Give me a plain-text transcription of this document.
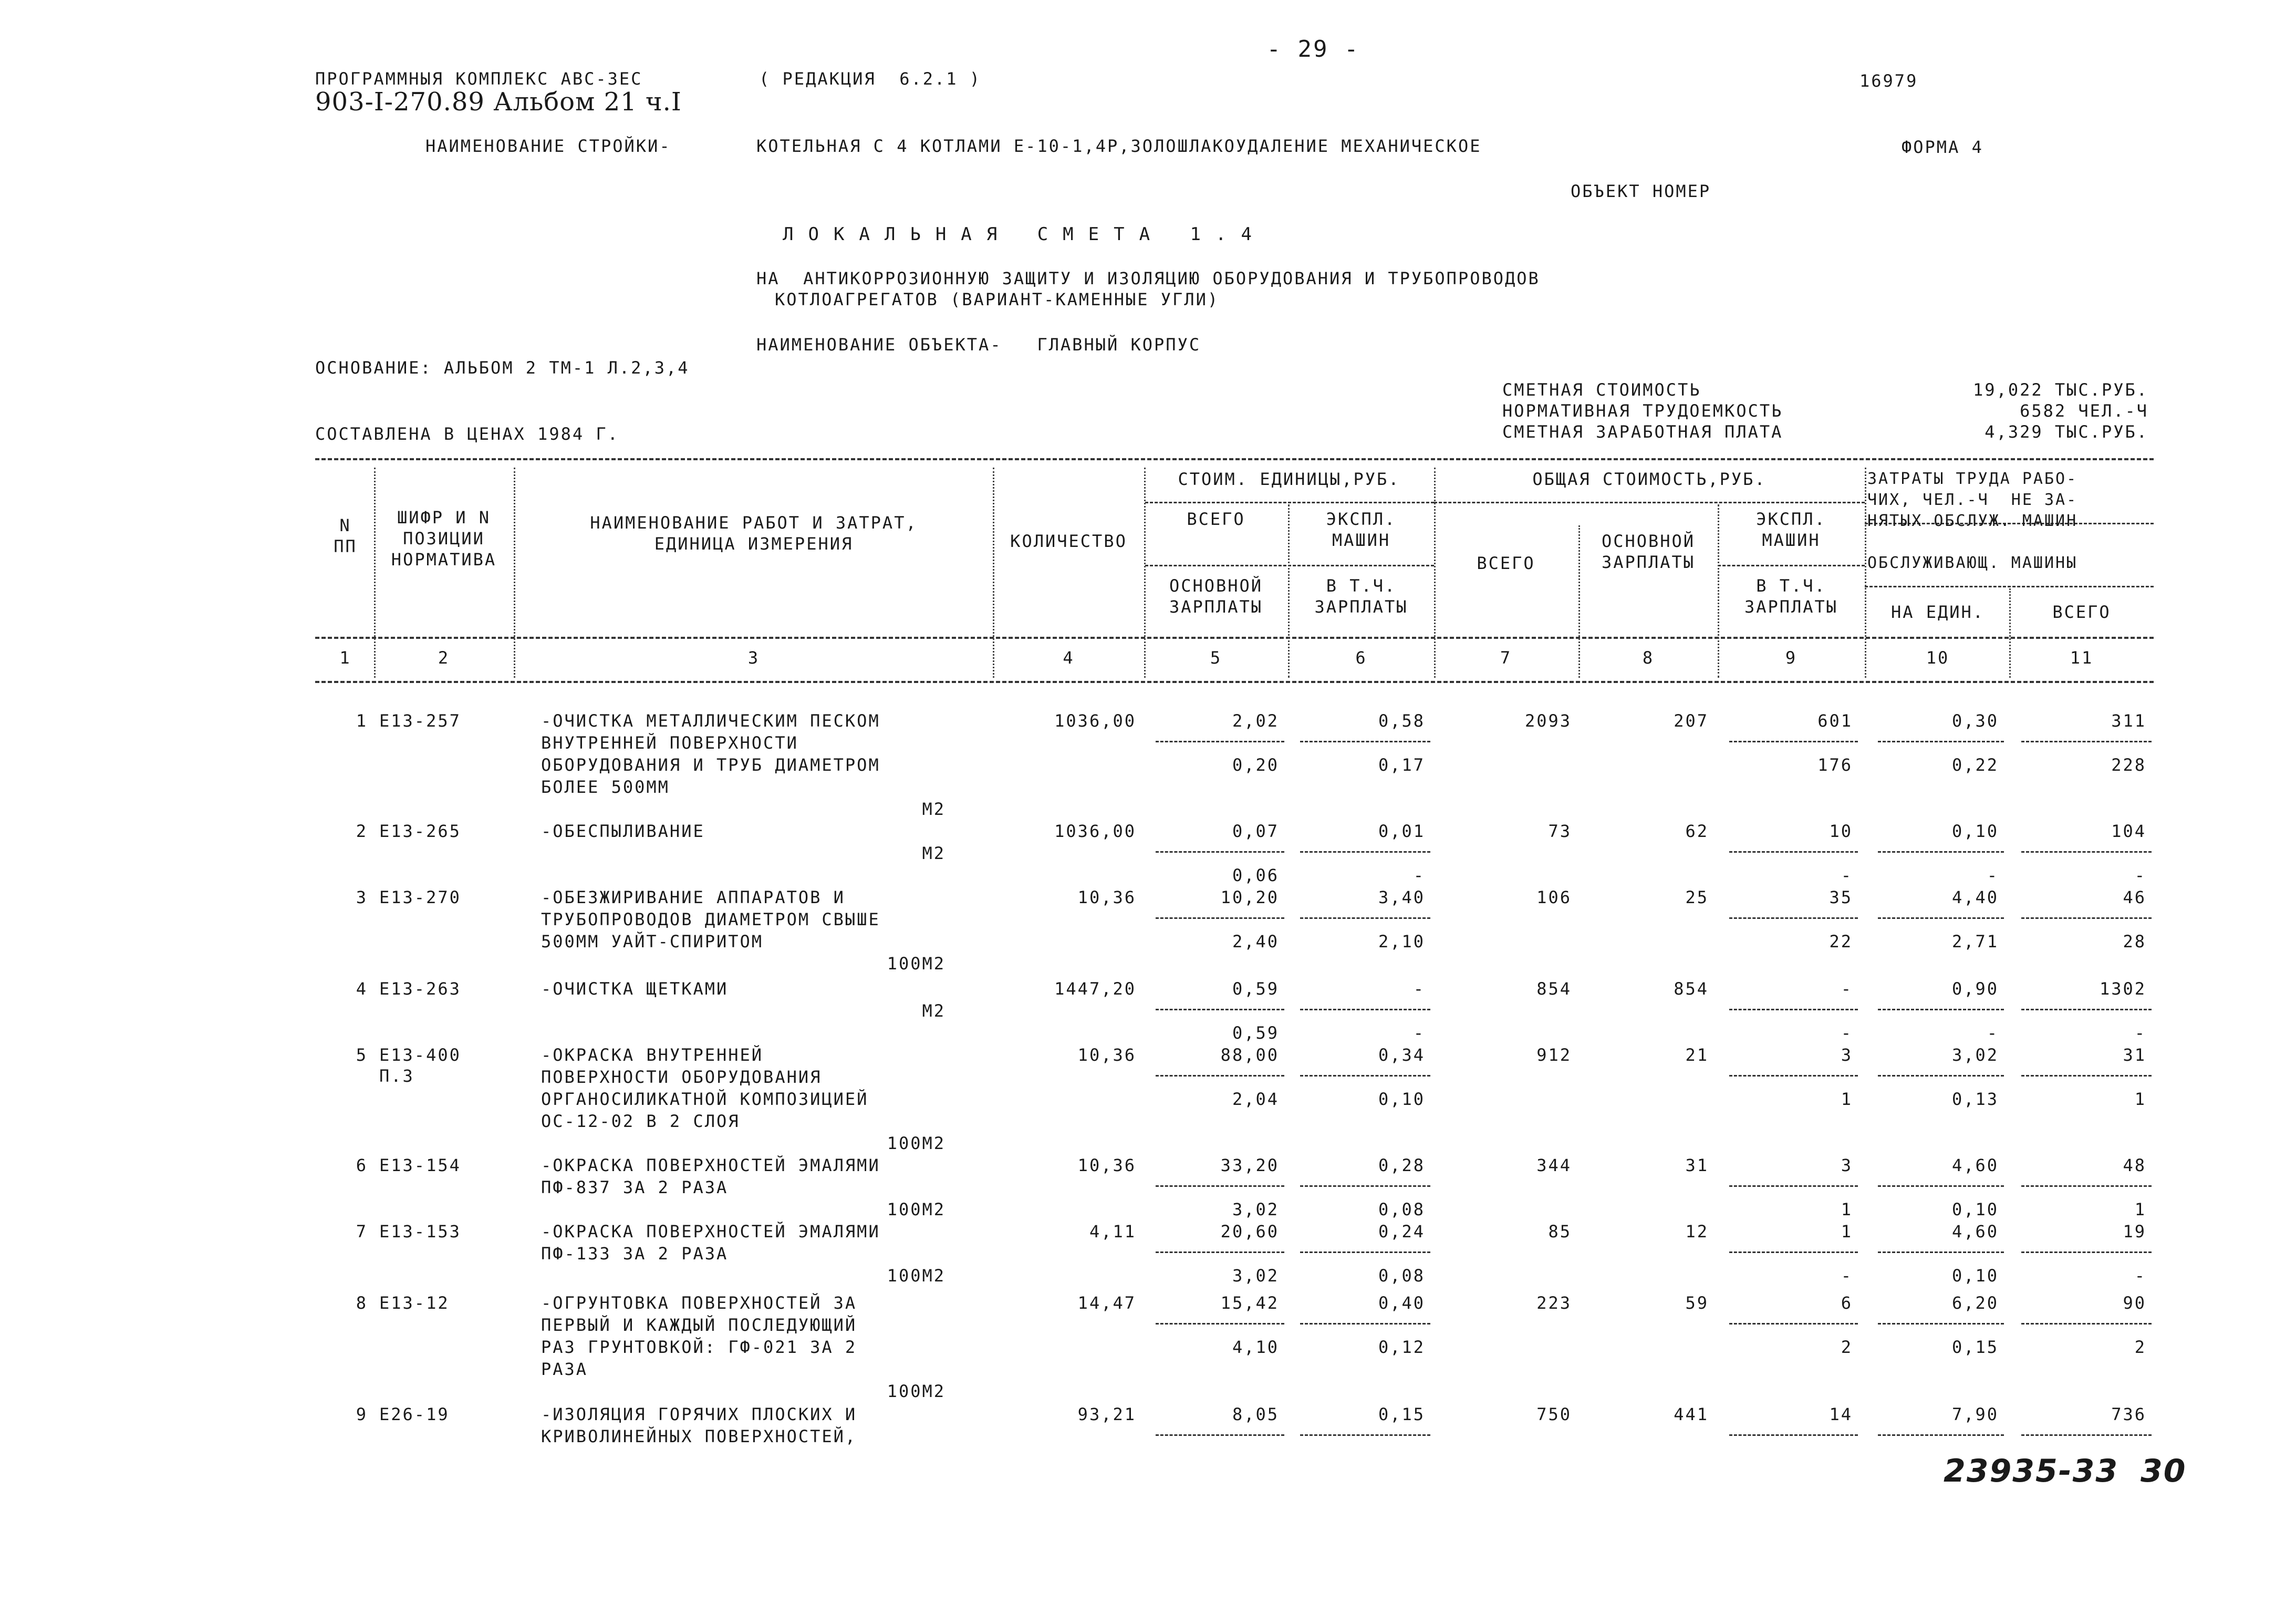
- 29 -
ПРОГРАММНЫЯ КОМПЛЕКС АВС-3ЕС	( РЕДАКЦИЯ  6.2.1 )	16979
903-I-270.89 Альбом 21 ч.I
НАИМЕНОВАНИЕ СТРОЙКИ-	КОТЕЛЬНАЯ С 4 КОТЛАМИ Е-10-1,4Р,ЗОЛОШЛАКОУДАЛЕНИЕ МЕХАНИЧЕСКОЕ	ФОРМА 4
ОБЪЕКТ НОМЕР
ЛОКАЛЬНАЯ СМЕТА 1.4
НА  АНТИКОРРОЗИОННУЮ ЗАЩИТУ И ИЗОЛЯЦИЮ ОБОРУДОВАНИЯ И ТРУБОПРОВОДОВ
КОТЛОАГРЕГАТОВ (ВАРИАНТ-КАМЕННЫЕ УГЛИ)
НАИМЕНОВАНИЕ ОБЪЕКТА-   ГЛАВНЫЙ КОРПУС
ОСНОВАНИЕ: АЛЬБОМ 2 ТМ-1 Л.2,3,4
СОСТАВЛЕНА В ЦЕНАХ 1984 Г.
СМЕТНАЯ СТОИМОСТЬ	19,022 ТЫС.РУБ.
НОРМАТИВНАЯ ТРУДОЕМКОСТЬ	6582 ЧЕЛ.-Ч
СМЕТНАЯ ЗАРАБОТНАЯ ПЛАТА	4,329 ТЫС.РУБ.
N
ПП
ШИФР И N
ПОЗИЦИИ
НОРМАТИВА
НАИМЕНОВАНИЕ РАБОТ И ЗАТРАТ,
ЕДИНИЦА ИЗМЕРЕНИЯ	КОЛИЧЕСТВО
СТОИМ. ЕДИНИЦЫ,РУБ.
ВСЕГО	ЭКСПЛ.
МАШИН
ОСНОВНОЙ
ЗАРПЛАТЫ
В Т.Ч.
ЗАРПЛАТЫ
ОБЩАЯ СТОИМОСТЬ,РУБ.
ВСЕГО
ОСНОВНОЙ
ЗАРПЛАТЫ
ЭКСПЛ.
МАШИН
В Т.Ч.
ЗАРПЛАТЫ
ЗАТРАТЫ ТРУДА РАБО-
ЧИХ, ЧЕЛ.-Ч  НЕ ЗА-
НЯТЫХ ОБСЛУЖ. МАШИН
ОБСЛУЖИВАЮЩ. МАШИНЫ
НА ЕДИН.	ВСЕГО
1	2	3	4	5	6	7	8	9	10	11
1 Е13-257	-ОЧИСТКА МЕТАЛЛИЧЕСКИМ ПЕСКОМ
ВНУТРЕННЕЙ ПОВЕРХНОСТИ
ОБОРУДОВАНИЯ И ТРУБ ДИАМЕТРОМ
БОЛЕЕ 500ММ
М2
1036,00	2,02	0,58	2093	207	601	0,30	311
0,20	0,17	176	0,22	228
2 Е13-265	-ОБЕСПЫЛИВАНИЕ
М2
1036,00	0,07	0,01	73	62	10	0,10	104
0,06	-	-	-	-
3 Е13-270	-ОБЕЗЖИРИВАНИЕ АППАРАТОВ И
ТРУБОПРОВОДОВ ДИАМЕТРОМ СВЫШЕ
500ММ УАЙТ-СПИРИТОМ
100М2
10,36	10,20	3,40	106	25	35	4,40	46
2,40	2,10	22	2,71	28
4 Е13-263	-ОЧИСТКА ЩЕТКАМИ
М2
1447,20	0,59	-	854	854	-	0,90	1302
0,59	-	-	-	-
5 Е13-400
П.3
-ОКРАСКА ВНУТРЕННЕЙ
ПОВЕРХНОСТИ ОБОРУДОВАНИЯ
ОРГАНОСИЛИКАТНОЙ КОМПОЗИЦИЕЙ
ОС-12-02 В 2 СЛОЯ
100М2
10,36	88,00	0,34	912	21	3	3,02	31
2,04	0,10	1	0,13	1
6 Е13-154	-ОКРАСКА ПОВЕРХНОСТЕЙ ЭМАЛЯМИ
ПФ-837 ЗА 2 РАЗА
100М2
10,36	33,20	0,28	344	31	3	4,60	48
3,02	0,08	1	0,10	1
7 Е13-153	-ОКРАСКА ПОВЕРХНОСТЕЙ ЭМАЛЯМИ
ПФ-133 ЗА 2 РАЗА
100М2
4,11	20,60	0,24	85	12	1	4,60	19
3,02	0,08	-	0,10	-
8 Е13-12	-ОГРУНТОВКА ПОВЕРХНОСТЕЙ ЗА
ПЕРВЫЙ И КАЖДЫЙ ПОСЛЕДУЮЩИЙ
РАЗ ГРУНТОВКОЙ: ГФ-021 ЗА 2
РАЗА
100М2
14,47	15,42	0,40	223	59	6	6,20	90
4,10	0,12	2	0,15	2
9 Е26-19	-ИЗОЛЯЦИЯ ГОРЯЧИХ ПЛОСКИХ И
КРИВОЛИНЕЙНЫХ ПОВЕРХНОСТЕЙ,
93,21	8,05	0,15	750	441	14	7,90	736
23935-33 30
